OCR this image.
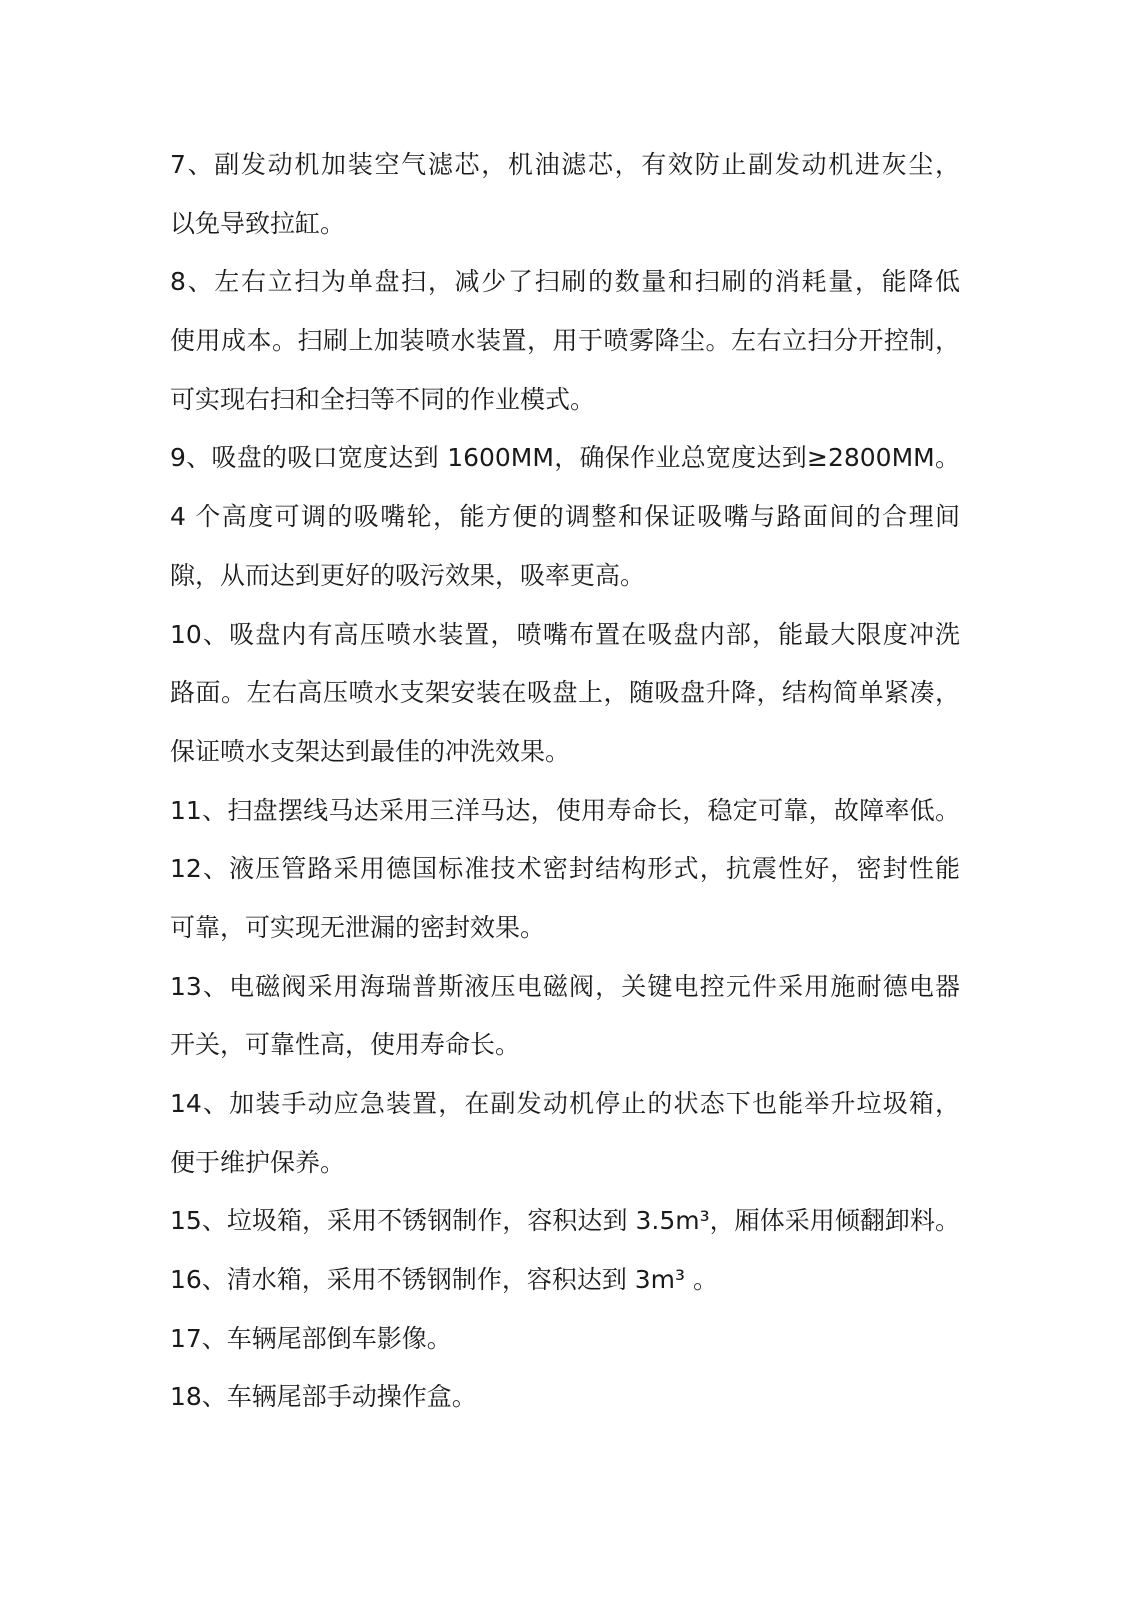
7、副发动机加装空气滤芯，机油滤芯，有效防止副发动机进灰尘，
以免导致拉缸。
8、左右立扫为单盘扫，减少了扫刷的数量和扫刷的消耗量，能降低
使用成本。扫刷上加装喷水装置，用于喷雾降尘。左右立扫分开控制，
可实现右扫和全扫等不同的作业模式。
9、吸盘的吸口宽度达到 1600MM，确保作业总宽度达到≥2800MM。
4 个高度可调的吸嘴轮，能方便的调整和保证吸嘴与路面间的合理间
隙，从而达到更好的吸污效果，吸率更高。
10、吸盘内有高压喷水装置，喷嘴布置在吸盘内部，能最大限度冲洗
路面。左右高压喷水支架安装在吸盘上，随吸盘升降，结构简单紧凑，
保证喷水支架达到最佳的冲洗效果。
11、扫盘摆线马达采用三洋马达，使用寿命长，稳定可靠，故障率低。
12、液压管路采用德国标准技术密封结构形式，抗震性好，密封性能
可靠，可实现无泄漏的密封效果。
13、电磁阀采用海瑞普斯液压电磁阀，关键电控元件采用施耐德电器
开关，可靠性高，使用寿命长。
14、加装手动应急装置，在副发动机停止的状态下也能举升垃圾箱，
便于维护保养。
15、垃圾箱，采用不锈钢制作，容积达到 3.5m³，厢体采用倾翻卸料。
16、清水箱，采用不锈钢制作，容积达到 3m³ 。
17、车辆尾部倒车影像。
18、车辆尾部手动操作盒。
